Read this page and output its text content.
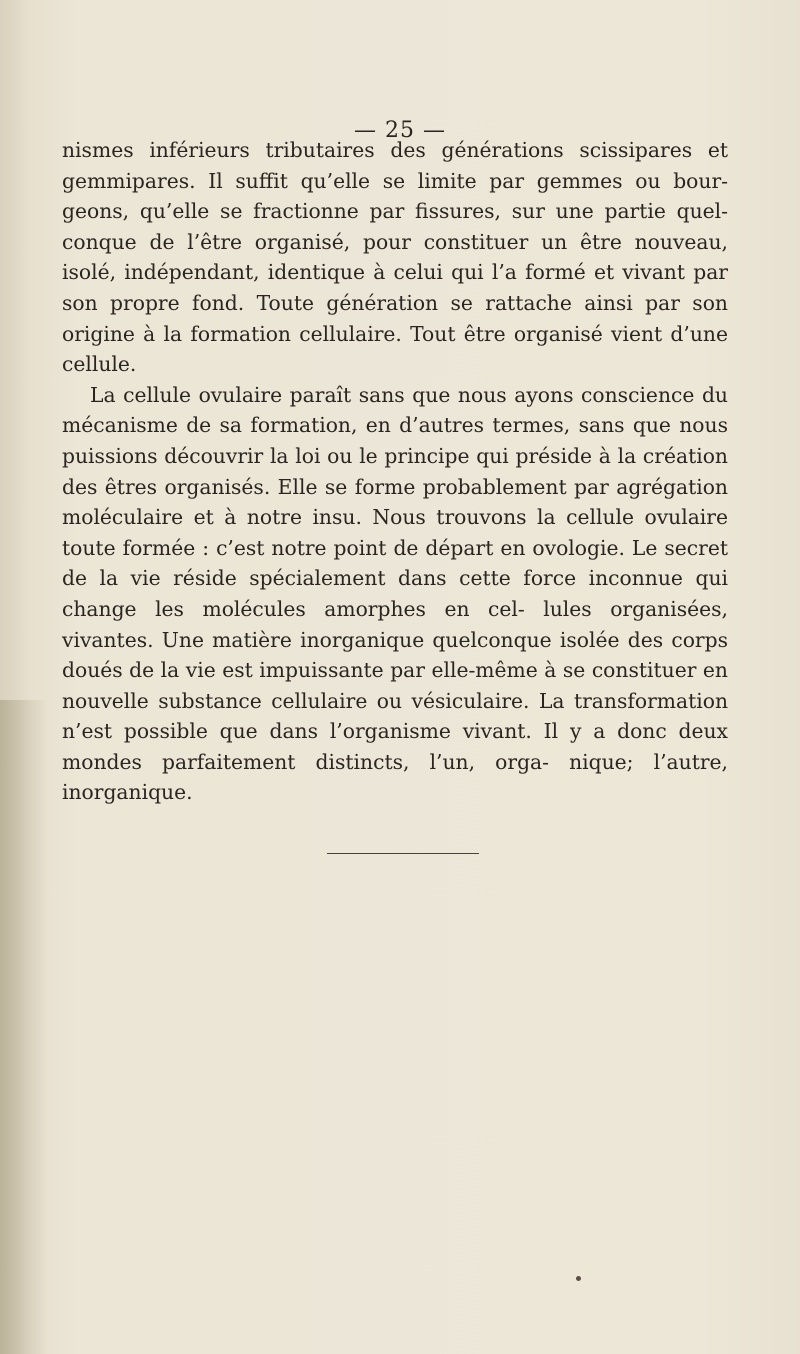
— 25 —

nismes inférieurs tributaires des générations scissipares et gemmipares. Il suffit qu’elle se limite par gemmes ou bour- geons, qu’elle se fractionne par fissures, sur une partie quel- conque de l’être organisé, pour constituer un être nouveau, isolé, indépendant, identique à celui qui l’a formé et vivant par son propre fond. Toute génération se rattache ainsi par son origine à la formation cellulaire. Tout être organisé vient d’une cellule.

La cellule ovulaire paraît sans que nous ayons conscience du mécanisme de sa formation, en d’autres termes, sans que nous puissions découvrir la loi ou le principe qui préside à la création des êtres organisés. Elle se forme probablement par agrégation moléculaire et à notre insu. Nous trouvons la cellule ovulaire toute formée : c’est notre point de départ en ovologie. Le secret de la vie réside spécialement dans cette force inconnue qui change les molécules amorphes en cel- lules organisées, vivantes. Une matière inorganique quelconque isolée des corps doués de la vie est impuissante par elle-même à se constituer en nouvelle substance cellulaire ou vésiculaire. La transformation n’est possible que dans l’organisme vivant. Il y a donc deux mondes parfaitement distincts, l’un, orga- nique; l’autre, inorganique.
